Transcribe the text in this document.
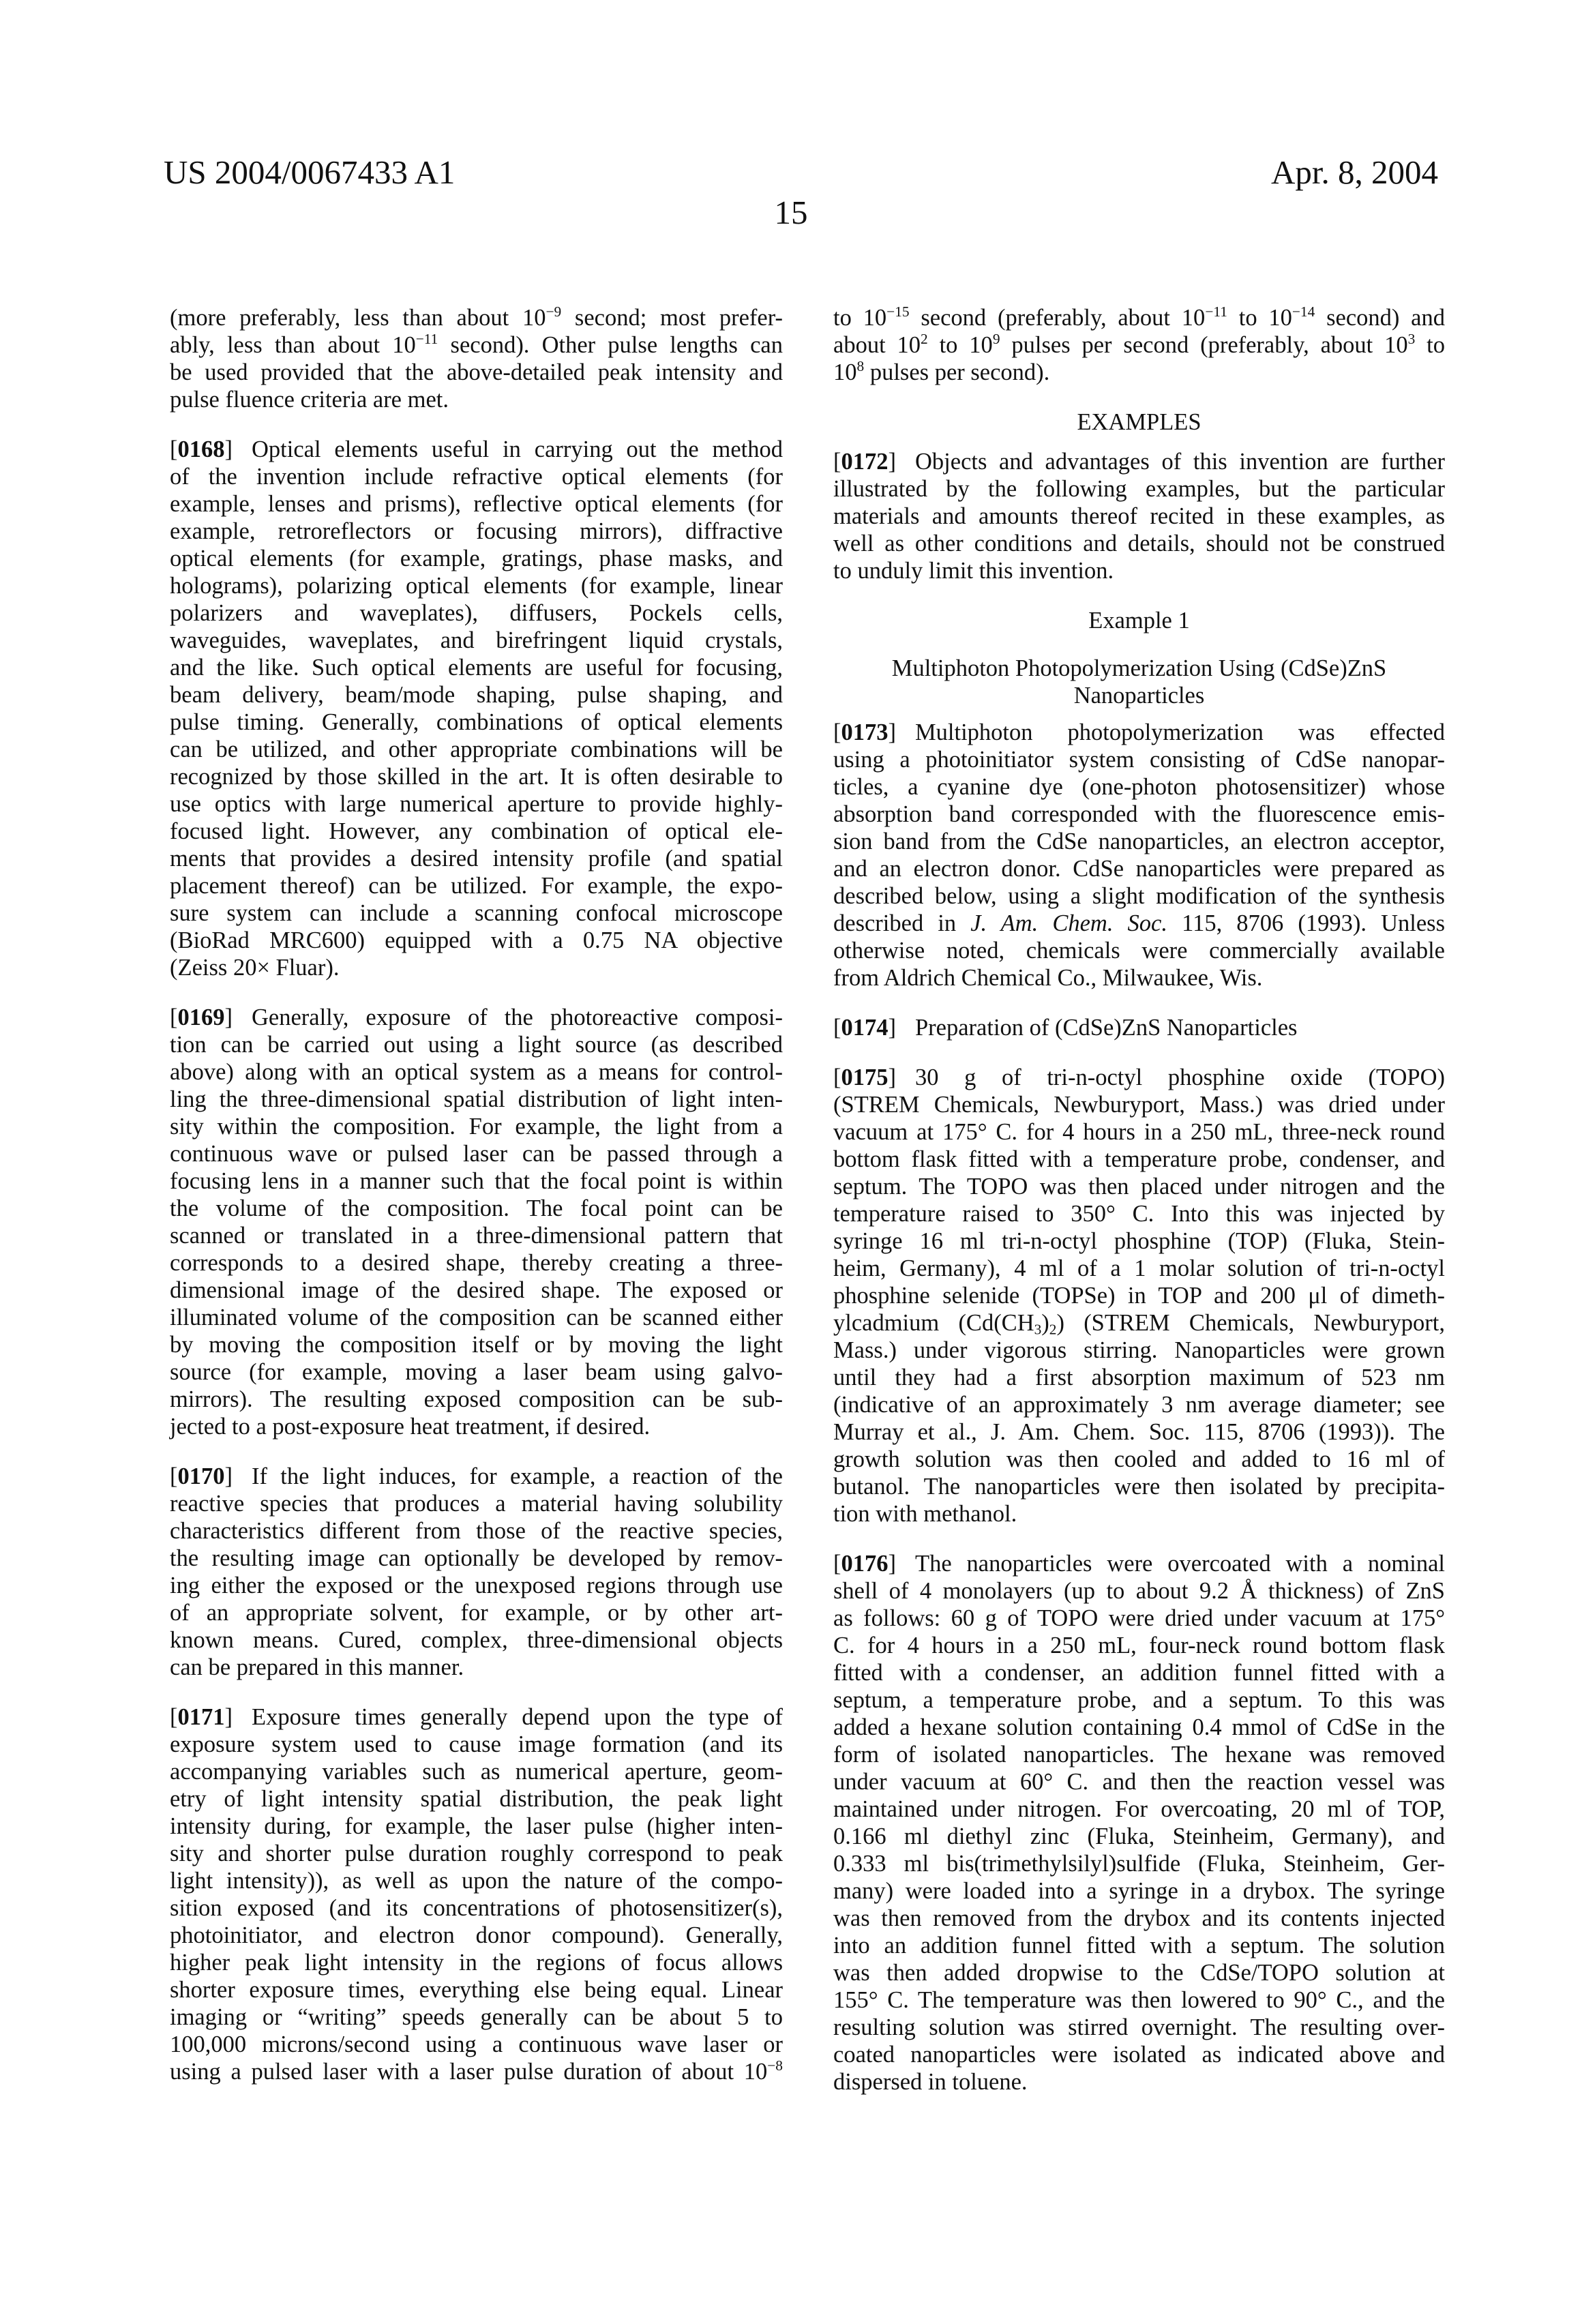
US 2004/0067433 A1	Apr. 8, 2004
15
(more preferably, less than about $10^{-9}$ second; most prefer-
ably, less than about $10^{-11}$ second). Other pulse lengths can
be used provided that the above-detailed peak intensity and
pulse fluence criteria are met.
[0168] Optical elements useful in carrying out the method
of the invention include refractive optical elements (for
example, lenses and prisms), reflective optical elements (for
example, retroreflectors or focusing mirrors), diffractive
optical elements (for example, gratings, phase masks, and
holograms), polarizing optical elements (for example, linear
polarizers and waveplates), diffusers, Pockels cells,
waveguides, waveplates, and birefringent liquid crystals,
and the like. Such optical elements are useful for focusing,
beam delivery, beam/mode shaping, pulse shaping, and
pulse timing. Generally, combinations of optical elements
can be utilized, and other appropriate combinations will be
recognized by those skilled in the art. It is often desirable to
use optics with large numerical aperture to provide highly-
focused light. However, any combination of optical ele-
ments that provides a desired intensity profile (and spatial
placement thereof) can be utilized. For example, the expo-
sure system can include a scanning confocal microscope
(BioRad MRC600) equipped with a 0.75 NA objective
(Zeiss 20× Fluar).
[0169] Generally, exposure of the photoreactive composi-
tion can be carried out using a light source (as described
above) along with an optical system as a means for control-
ling the three-dimensional spatial distribution of light inten-
sity within the composition. For example, the light from a
continuous wave or pulsed laser can be passed through a
focusing lens in a manner such that the focal point is within
the volume of the composition. The focal point can be
scanned or translated in a three-dimensional pattern that
corresponds to a desired shape, thereby creating a three-
dimensional image of the desired shape. The exposed or
illuminated volume of the composition can be scanned either
by moving the composition itself or by moving the light
source (for example, moving a laser beam using galvo-
mirrors). The resulting exposed composition can be sub-
jected to a post-exposure heat treatment, if desired.
[0170] If the light induces, for example, a reaction of the
reactive species that produces a material having solubility
characteristics different from those of the reactive species,
the resulting image can optionally be developed by remov-
ing either the exposed or the unexposed regions through use
of an appropriate solvent, for example, or by other art-
known means. Cured, complex, three-dimensional objects
can be prepared in this manner.
[0171] Exposure times generally depend upon the type of
exposure system used to cause image formation (and its
accompanying variables such as numerical aperture, geom-
etry of light intensity spatial distribution, the peak light
intensity during, for example, the laser pulse (higher inten-
sity and shorter pulse duration roughly correspond to peak
light intensity)), as well as upon the nature of the compo-
sition exposed (and its concentrations of photosensitizer(s),
photoinitiator, and electron donor compound). Generally,
higher peak light intensity in the regions of focus allows
shorter exposure times, everything else being equal. Linear
imaging or “writing” speeds generally can be about 5 to
100,000 microns/second using a continuous wave laser or
using a pulsed laser with a laser pulse duration of about $10^{-8}$
to $10^{-15}$ second (preferably, about $10^{-11}$ to $10^{-14}$ second) and
about $10^2$ to $10^9$ pulses per second (preferably, about $10^3$ to
$10^8$ pulses per second).
EXAMPLES
[0172] Objects and advantages of this invention are further
illustrated by the following examples, but the particular
materials and amounts thereof recited in these examples, as
well as other conditions and details, should not be construed
to unduly limit this invention.
Example 1
Multiphoton Photopolymerization Using (CdSe)ZnS
Nanoparticles
[0173] Multiphoton photopolymerization was effected
using a photoinitiator system consisting of CdSe nanopar-
ticles, a cyanine dye (one-photon photosensitizer) whose
absorption band corresponded with the fluorescence emis-
sion band from the CdSe nanoparticles, an electron acceptor,
and an electron donor. CdSe nanoparticles were prepared as
described below, using a slight modification of the synthesis
described in J. Am. Chem. Soc. 115, 8706 (1993). Unless
otherwise noted, chemicals were commercially available
from Aldrich Chemical Co., Milwaukee, Wis.
[0174] Preparation of (CdSe)ZnS Nanoparticles
[0175] 30 g of tri-n-octyl phosphine oxide (TOPO)
(STREM Chemicals, Newburyport, Mass.) was dried under
vacuum at 175° C. for 4 hours in a 250 mL, three-neck round
bottom flask fitted with a temperature probe, condenser, and
septum. The TOPO was then placed under nitrogen and the
temperature raised to 350° C. Into this was injected by
syringe 16 ml tri-n-octyl phosphine (TOP) (Fluka, Stein-
heim, Germany), 4 ml of a 1 molar solution of tri-n-octyl
phosphine selenide (TOPSe) in TOP and 200 μl of dimeth-
ylcadmium $(Cd(CH_3)_2)$ (STREM Chemicals, Newburyport,
Mass.) under vigorous stirring. Nanoparticles were grown
until they had a first absorption maximum of 523 nm
(indicative of an approximately 3 nm average diameter; see
Murray et al., J. Am. Chem. Soc. 115, 8706 (1993)). The
growth solution was then cooled and added to 16 ml of
butanol. The nanoparticles were then isolated by precipita-
tion with methanol.
[0176] The nanoparticles were overcoated with a nominal
shell of 4 monolayers (up to about 9.2 Å thickness) of ZnS
as follows: 60 g of TOPO were dried under vacuum at 175°
C. for 4 hours in a 250 mL, four-neck round bottom flask
fitted with a condenser, an addition funnel fitted with a
septum, a temperature probe, and a septum. To this was
added a hexane solution containing 0.4 mmol of CdSe in the
form of isolated nanoparticles. The hexane was removed
under vacuum at 60° C. and then the reaction vessel was
maintained under nitrogen. For overcoating, 20 ml of TOP,
0.166 ml diethyl zinc (Fluka, Steinheim, Germany), and
0.333 ml bis(trimethylsilyl)sulfide (Fluka, Steinheim, Ger-
many) were loaded into a syringe in a drybox. The syringe
was then removed from the drybox and its contents injected
into an addition funnel fitted with a septum. The solution
was then added dropwise to the CdSe/TOPO solution at
155° C. The temperature was then lowered to 90° C., and the
resulting solution was stirred overnight. The resulting over-
coated nanoparticles were isolated as indicated above and
dispersed in toluene.
